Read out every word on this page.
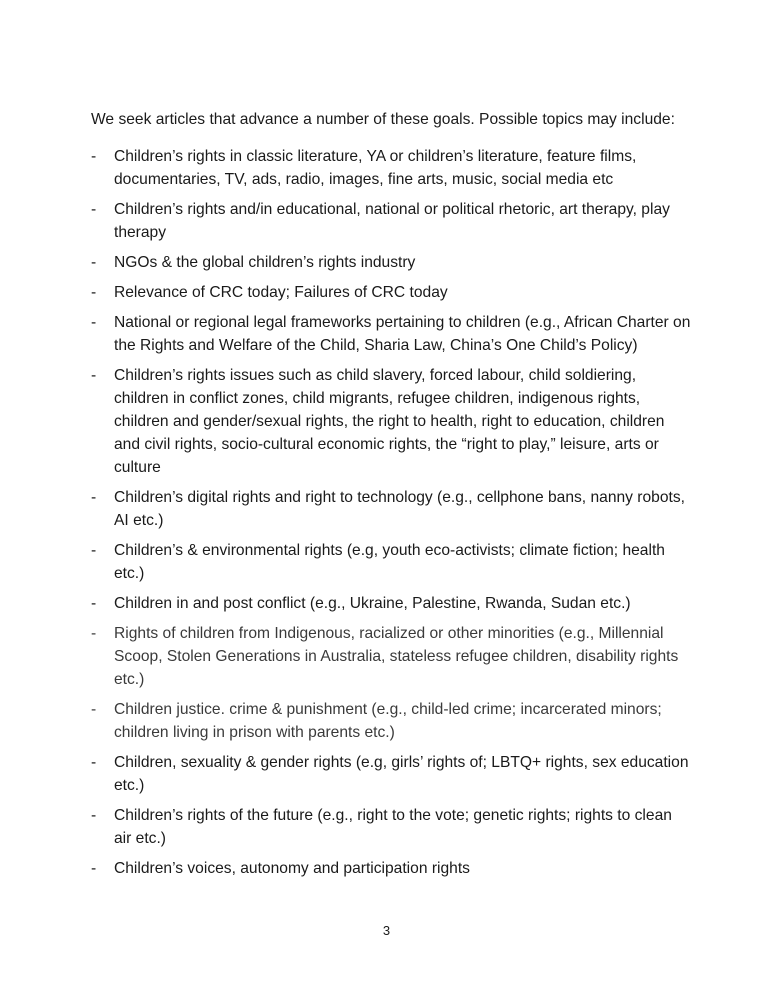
We seek articles that advance a number of these goals. Possible topics may include:

-	Children’s rights in classic literature, YA or children’s literature, feature films, documentaries, TV, ads, radio, images, fine arts, music, social media etc
-	Children’s rights and/in educational, national or political rhetoric, art therapy, play therapy
-	NGOs & the global children’s rights industry
-	Relevance of CRC today; Failures of CRC today
-	National or regional legal frameworks pertaining to children (e.g., African Charter on the Rights and Welfare of the Child, Sharia Law, China’s One Child’s Policy)
-	Children’s rights issues such as child slavery, forced labour, child soldiering, children in conflict zones, child migrants, refugee children, indigenous rights, children and gender/sexual rights, the right to health, right to education, children and civil rights, socio-cultural economic rights, the “right to play,” leisure, arts or culture
-	Children’s digital rights and right to technology (e.g., cellphone bans, nanny robots, AI etc.)
-	Children’s & environmental rights (e.g, youth eco-activists; climate fiction; health etc.)
-	Children in and post conflict (e.g., Ukraine, Palestine, Rwanda, Sudan etc.)
-	Rights of children from Indigenous, racialized or other minorities (e.g., Millennial Scoop, Stolen Generations in Australia, stateless refugee children, disability rights etc.)
-	Children justice. crime & punishment (e.g., child-led crime; incarcerated minors; children living in prison with parents etc.)
-	Children, sexuality & gender rights (e.g, girls’ rights of; LBTQ+ rights, sex education etc.)
-	Children’s rights of the future (e.g., right to the vote; genetic rights; rights to clean air etc.)
-	Children’s voices, autonomy and participation rights
3
